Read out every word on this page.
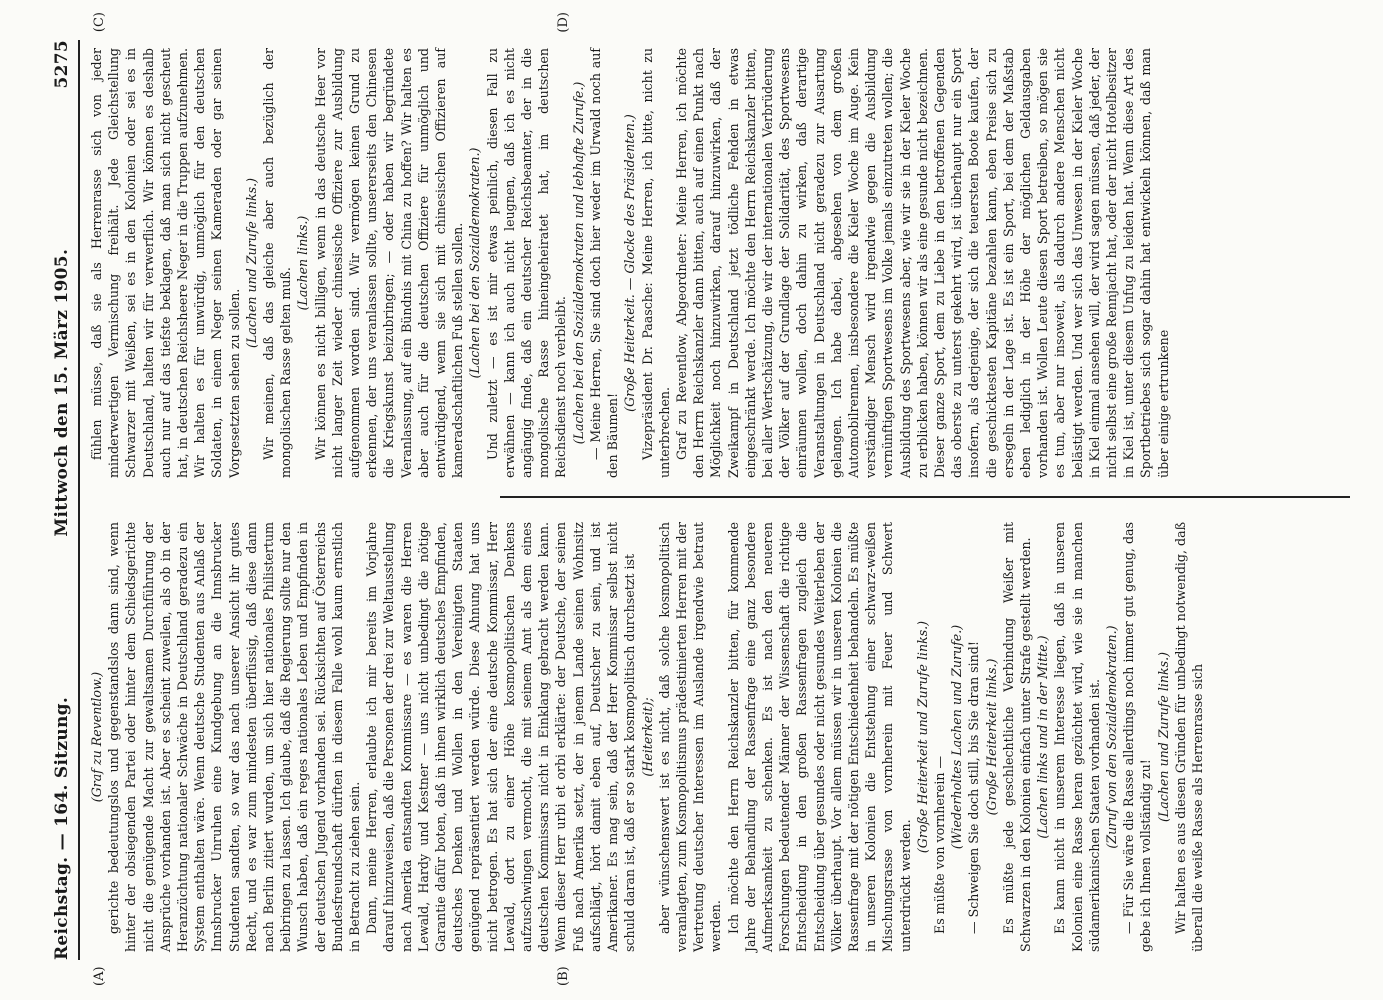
Reichstag. — 164. Sitzung.
Mittwoch den 15. März 1905.
5275
(A)	(B)
(C)	(D)

(Graf zu Reventlow.) gerichte bedeutungslos und gegenstandslos dann sind, wenn hinter der obsiegenden Partei oder hinter dem Schiedsgerichte nicht die genügende Macht zur gewaltsamen Durchführung der Ansprüche vorhanden ist. Aber es scheint zuweilen, als ob in der Heranzüchtung nationaler Schwäche in Deutschland geradezu ein System enthalten wäre. Wenn deutsche Studenten aus Anlaß der Innsbrucker Unruhen eine Kundgebung an die Innsbrucker Studenten sandten, so war das nach unserer Ansicht ihr gutes Recht, und es war zum mindesten überflüssig, daß diese dann nach Berlin zitiert wurden, um sich hier nationales Philistertum beibringen zu lassen. Ich glaube, daß die Regierung sollte nur den Wunsch haben, daß ein reges nationales Leben und Empfinden in der deutschen Jugend vorhanden sei. Rücksichten auf Österreichs Bundesfreundschaft dürften in diesem Falle wohl kaum ernstlich in Betracht zu ziehen sein. Dann, meine Herren, erlaubte ich mir bereits im Vorjahre darauf hinzuweisen, daß die Personen der drei zur Weltausstellung nach Amerika entsandten Kommissare — es waren die Herren Lewald, Hardy und Kestner — uns nicht unbedingt die nötige Garantie dafür boten, daß in ihnen wirklich deutsches Empfinden, deutsches Denken und Wollen in den Vereinigten Staaten genügend repräsentiert werden würde. Diese Ahnung hat uns nicht betrogen. Es hat sich der eine deutsche Kommissar, Herr Lewald, dort zu einer Höhe kosmopolitischen Denkens aufzuschwingen vermocht, die mit seinem Amt als dem eines deutschen Kommissars nicht in Einklang gebracht werden kann. Wenn dieser Herr urbi et orbi erklärte: der Deutsche, der seinen Fuß nach Amerika setzt, der in jenem Lande seinen Wohnsitz aufschlägt, hört damit eben auf, Deutscher zu sein, und ist Amerikaner. Es mag sein, daß der Herr Kommissar selbst nicht schuld daran ist, daß er so stark kosmopolitisch durchsetzt ist (Heiterkeit); aber wünschenswert ist es nicht, daß solche kosmopolitisch veranlagten, zum Kosmopolitismus prädestinierten Herren mit der Vertretung deutscher Interessen im Auslande irgendwie betraut werden. Ich möchte den Herrn Reichskanzler bitten, für kommende Jahre der Behandlung der Rassenfrage eine ganz besondere Aufmerksamkeit zu schenken. Es ist nach den neueren Forschungen bedeutender Männer der Wissenschaft die richtige Entscheidung in den großen Rassenfragen zugleich die Entscheidung über gesundes oder nicht gesundes Weiterleben der Völker überhaupt. Vor allem müssen wir in unseren Kolonien die Rassenfrage mit der nötigen Entschiedenheit behandeln. Es müßte in unseren Kolonien die Entstehung einer schwarz-weißen Mischungsrasse von vornherein mit Feuer und Schwert unterdrückt werden.

(Große Heiterkeit und Zurufe links.) Es müßte von vornherein — (Wiederholtes Lachen und Zurufe.) — Schweigen Sie doch still, bis Sie dran sind! (Große Heiterkeit links.) Es müßte jede geschlechtliche Verbindung Weißer mit Schwarzen in den Kolonien einfach unter Strafe gestellt werden. (Lachen links und in der Mitte.) Es kann nicht in unserem Interesse liegen, daß in unseren Kolonien eine Rasse heran gezüchtet wird, wie sie in manchen südamerikanischen Staaten vorhanden ist. (Zuruf von den Sozialdemokraten.) — Für Sie wäre die Rasse allerdings noch immer gut genug, das gebe ich Ihnen vollständig zu!

(Lachen und Zurufe links.) Wir halten es aus diesen Gründen für unbedingt notwendig, daß überall die weiße Rasse als Herrenrasse sich

fühlen müsse, daß sie als Herrenrasse sich von jeder minderwertigen Vermischung freihält. Jede Gleichstellung Schwarzer mit Weißen, sei es in den Kolonien oder sei es in Deutschland, halten wir für verwerflich. Wir können es deshalb auch nur auf das tiefste beklagen, daß man sich nicht gescheut hat, in deutschen Reichsheere Neger in die Truppen aufzunehmen. Wir halten es für unwürdig, unmöglich für den deutschen Soldaten, in einem Neger seinen Kameraden oder gar seinen Vorgesetzten sehen zu sollen.

(Lachen und Zurufe links.) Wir meinen, daß das gleiche aber auch bezüglich der mongolischen Rasse gelten muß.

(Lachen links.) Wir können es nicht billigen, wenn in das deutsche Heer vor nicht langer Zeit wieder chinesische Offiziere zur Ausbildung aufgenommen worden sind. Wir vermögen keinen Grund zu erkennen, der uns veranlassen sollte, unsererseits den Chinesen die Kriegskunst beizubringen; — oder haben wir begründete Veranlassung, auf ein Bündnis mit China zu hoffen? Wir halten es aber auch für die deutschen Offiziere für unmöglich und entwürdigend, wenn sie sich mit chinesischen Offizieren auf kameradschaftlichen Fuß stellen sollen. (Lachen bei den Sozialdemokraten.) Und zuletzt — es ist mir etwas peinlich, diesen Fall zu erwähnen — kann ich auch nicht leugnen, daß ich es nicht angängig finde, daß ein deutscher Reichsbeamter, der in die mongolische Rasse hineingeheiratet hat, im deutschen Reichsdienst noch verbleibt. (Lachen bei den Sozialdemokraten und lebhafte Zurufe.) — Meine Herren, Sie sind doch hier weder im Urwald noch auf den Bäumen!

(Große Heiterkeit. — Glocke des Präsidenten.) Vizepräsident Dr. Paasche: Meine Herren, ich bitte, nicht zu unterbrechen. Graf zu Reventlow, Abgeordneter: Meine Herren, ich möchte den Herrn Reichskanzler dann bitten, auch auf einen Punkt nach Möglichkeit noch hinzuwirken, darauf hinzuwirken, daß der Zweikampf in Deutschland jetzt tödliche Fehden in etwas eingeschränkt werde. Ich möchte den Herrn Reichskanzler bitten, bei aller Wertschätzung, die wir der internationalen Verbrüderung der Völker auf der Grundlage der Solidarität, des Sportwesens einräumen wollen, doch dahin zu wirken, daß derartige Veranstaltungen in Deutschland nicht geradezu zur Ausartung gelangen. Ich habe dabei, abgesehen von dem großen Automobilrennen, insbesondere die Kieler Woche im Auge. Kein verständiger Mensch wird irgendwie gegen die Ausbildung vernünftigen Sportwesens im Volke jemals einzutreten wollen; die Ausbildung des Sportwesens aber, wie wir sie in der Kieler Woche zu erblicken haben, können wir als eine gesunde nicht bezeichnen. Dieser ganze Sport, dem zu Liebe in den betroffenen Gegenden das oberste zu unterst gekehrt wird, ist überhaupt nur ein Sport insofern, als derjenige, der sich die teuersten Boote kaufen, der die geschicktesten Kapitäne bezahlen kann, eben Preise sich zu ersegeln in der Lage ist. Es ist ein Sport, bei dem der Maßstab eben lediglich in der Höhe der möglichen Geldausgaben vorhanden ist. Wollen Leute diesen Sport betreiben, so mögen sie es tun, aber nur insoweit, als dadurch andere Menschen nicht belästigt werden. Und wer sich das Unwesen in der Kieler Woche in Kiel einmal ansehen will, der wird sagen müssen, daß jeder, der nicht selbst eine große Rennjacht hat, oder der nicht Hotelbesitzer in Kiel ist, unter diesem Unfug zu leiden hat. Wenn diese Art des Sportbetriebes sich sogar dahin hat entwickeln können, daß man über einige ertrunkene
